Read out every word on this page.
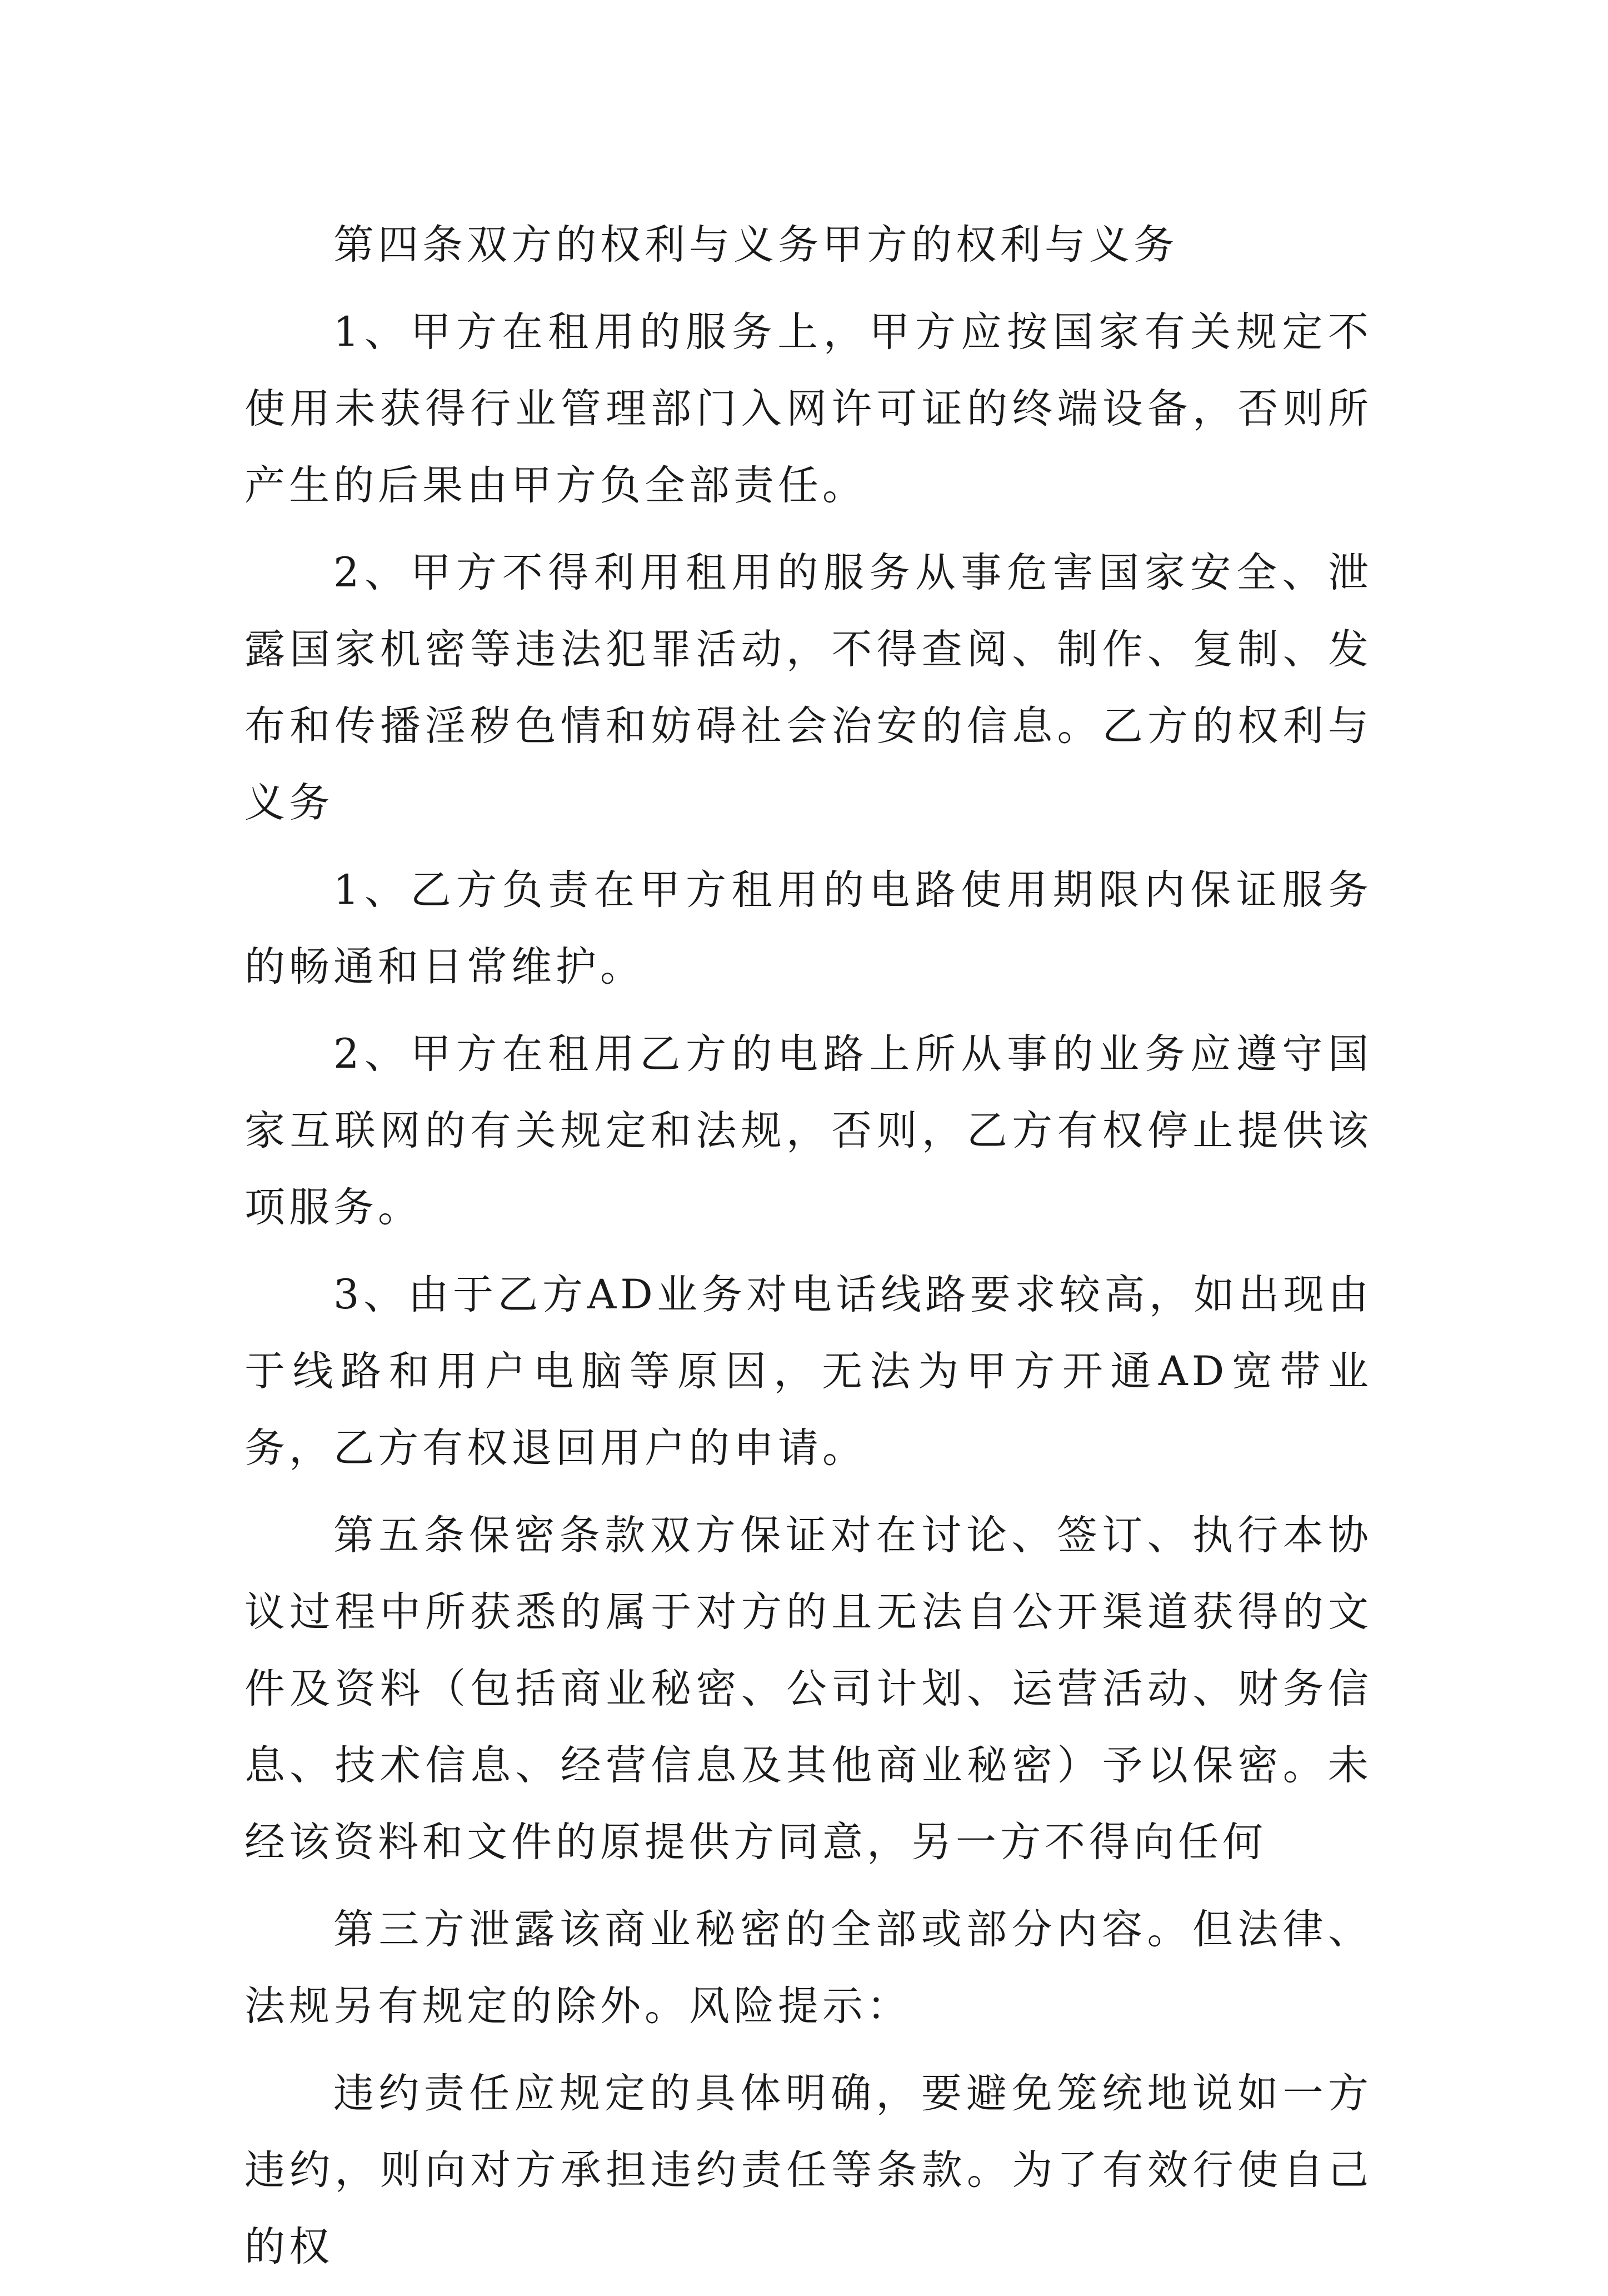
第四条双方的权利与义务甲方的权利与义务

1、甲方在租用的服务上，甲方应按国家有关规定不使用未获得行业管理部门入网许可证的终端设备，否则所产生的后果由甲方负全部责任。

2、甲方不得利用租用的服务从事危害国家安全、泄露国家机密等违法犯罪活动，不得查阅、制作、复制、发布和传播淫秽色情和妨碍社会治安的信息。乙方的权利与义务

1、乙方负责在甲方租用的电路使用期限内保证服务的畅通和日常维护。

2、甲方在租用乙方的电路上所从事的业务应遵守国家互联网的有关规定和法规，否则，乙方有权停止提供该项服务。

3、由于乙方AD业务对电话线路要求较高，如出现由于线路和用户电脑等原因，无法为甲方开通AD宽带业务，乙方有权退回用户的申请。

第五条保密条款双方保证对在讨论、签订、执行本协议过程中所获悉的属于对方的且无法自公开渠道获得的文件及资料（包括商业秘密、公司计划、运营活动、财务信息、技术信息、经营信息及其他商业秘密）予以保密。未经该资料和文件的原提供方同意，另一方不得向任何

第三方泄露该商业秘密的全部或部分内容。但法律、法规另有规定的除外。风险提示：

违约责任应规定的具体明确，要避免笼统地说如一方违约，则向对方承担违约责任等条款。为了有效行使自己的权
